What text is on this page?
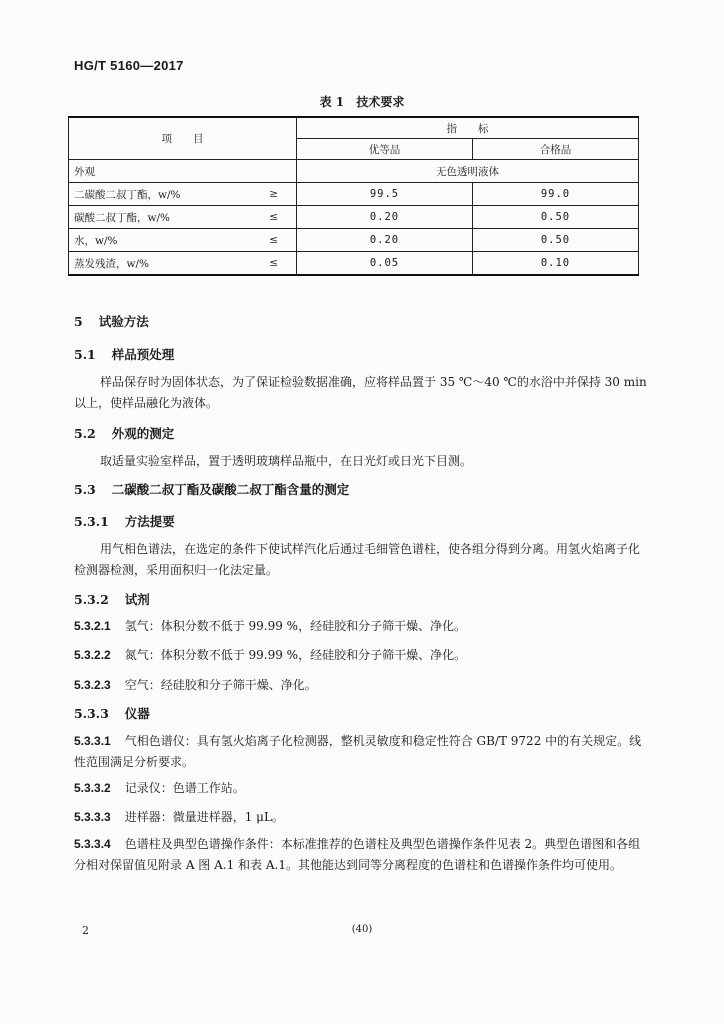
HG/T 5160—2017
表 1 技术要求
项　　目		指　　标	
		优等品	合格品
外观		无色透明液体	
二碳酸二叔丁酯，w/%	≥	99.5	99.0
碳酸二叔丁酯，w/%	≤	0.20	0.50
水，w/%	≤	0.20	0.50
蒸发残渣，w/%	≤	0.05	0.10
5 试验方法
5.1 样品预处理
样品保存时为固体状态，为了保证检验数据准确，应将样品置于 35 ℃～40 ℃的水浴中并保持 30 min 以上，使样品融化为液体。
5.2 外观的测定
取适量实验室样品，置于透明玻璃样品瓶中，在日光灯或日光下目测。
5.3 二碳酸二叔丁酯及碳酸二叔丁酯含量的测定
5.3.1 方法提要
用气相色谱法，在选定的条件下使试样汽化后通过毛细管色谱柱，使各组分得到分离。用氢火焰离子化检测器检测，采用面积归一化法定量。
5.3.2 试剂
5.3.2.1 氢气：体积分数不低于 99.99 %，经硅胶和分子筛干燥、净化。
5.3.2.2 氮气：体积分数不低于 99.99 %，经硅胶和分子筛干燥、净化。
5.3.2.3 空气：经硅胶和分子筛干燥、净化。
5.3.3 仪器
5.3.3.1 气相色谱仪：具有氢火焰离子化检测器，整机灵敏度和稳定性符合 GB/T 9722 中的有关规定。线性范围满足分析要求。
5.3.3.2 记录仪：色谱工作站。
5.3.3.3 进样器：微量进样器，1 μL。
5.3.3.4 色谱柱及典型色谱操作条件：本标准推荐的色谱柱及典型色谱操作条件见表 2。典型色谱图和各组分相对保留值见附录 A 图 A.1 和表 A.1。其他能达到同等分离程度的色谱柱和色谱操作条件均可使用。
2	(40)
